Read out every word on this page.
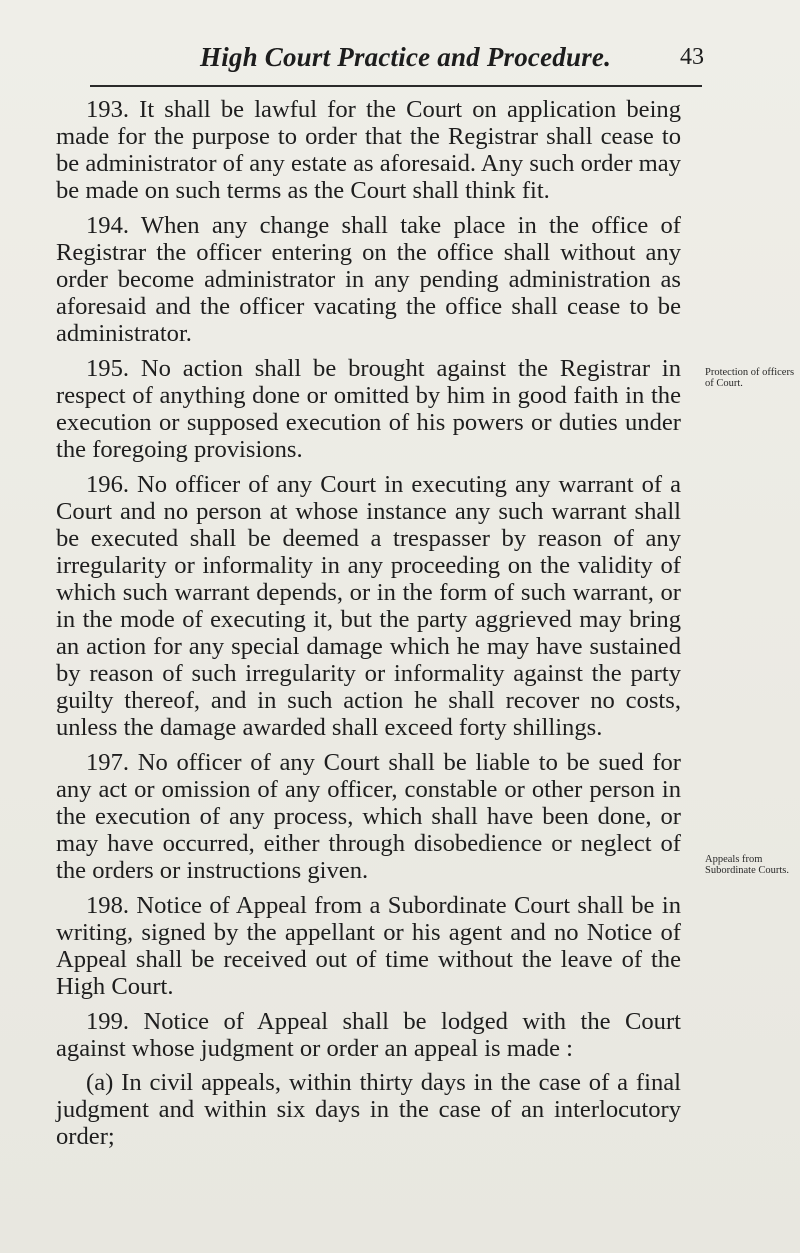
High Court Practice and Procedure.	43

193. It shall be lawful for the Court on application being made for the purpose to order that the Registrar shall cease to be administrator of any estate as aforesaid. Any such order may be made on such terms as the Court shall think fit.

194. When any change shall take place in the office of Registrar the officer entering on the office shall without any order become administrator in any pending administration as aforesaid and the officer vacating the office shall cease to be administrator.

195. No action shall be brought against the Registrar in respect of anything done or omitted by him in good faith in the execution or supposed execution of his powers or duties under the foregoing provisions.

196. No officer of any Court in executing any warrant of a Court and no person at whose instance any such warrant shall be executed shall be deemed a trespasser by reason of any irregularity or informality in any proceeding on the validity of which such warrant depends, or in the form of such warrant, or in the mode of executing it, but the party aggrieved may bring an action for any special damage which he may have sustained by reason of such irregularity or informality against the party guilty thereof, and in such action he shall recover no costs, unless the damage awarded shall exceed forty shillings.

197. No officer of any Court shall be liable to be sued for any act or omission of any officer, constable or other person in the execution of any process, which shall have been done, or may have occurred, either through disobedience or neglect of the orders or instructions given.

198. Notice of Appeal from a Subordinate Court shall be in writing, signed by the appellant or his agent and no Notice of Appeal shall be received out of time without the leave of the High Court.

199. Notice of Appeal shall be lodged with the Court against whose judgment or order an appeal is made :

(a) In civil appeals, within thirty days in the case of a final judgment and within six days in the case of an interlocutory order;

Protection of officers of Court.
Appeals from Subordinate Courts.
